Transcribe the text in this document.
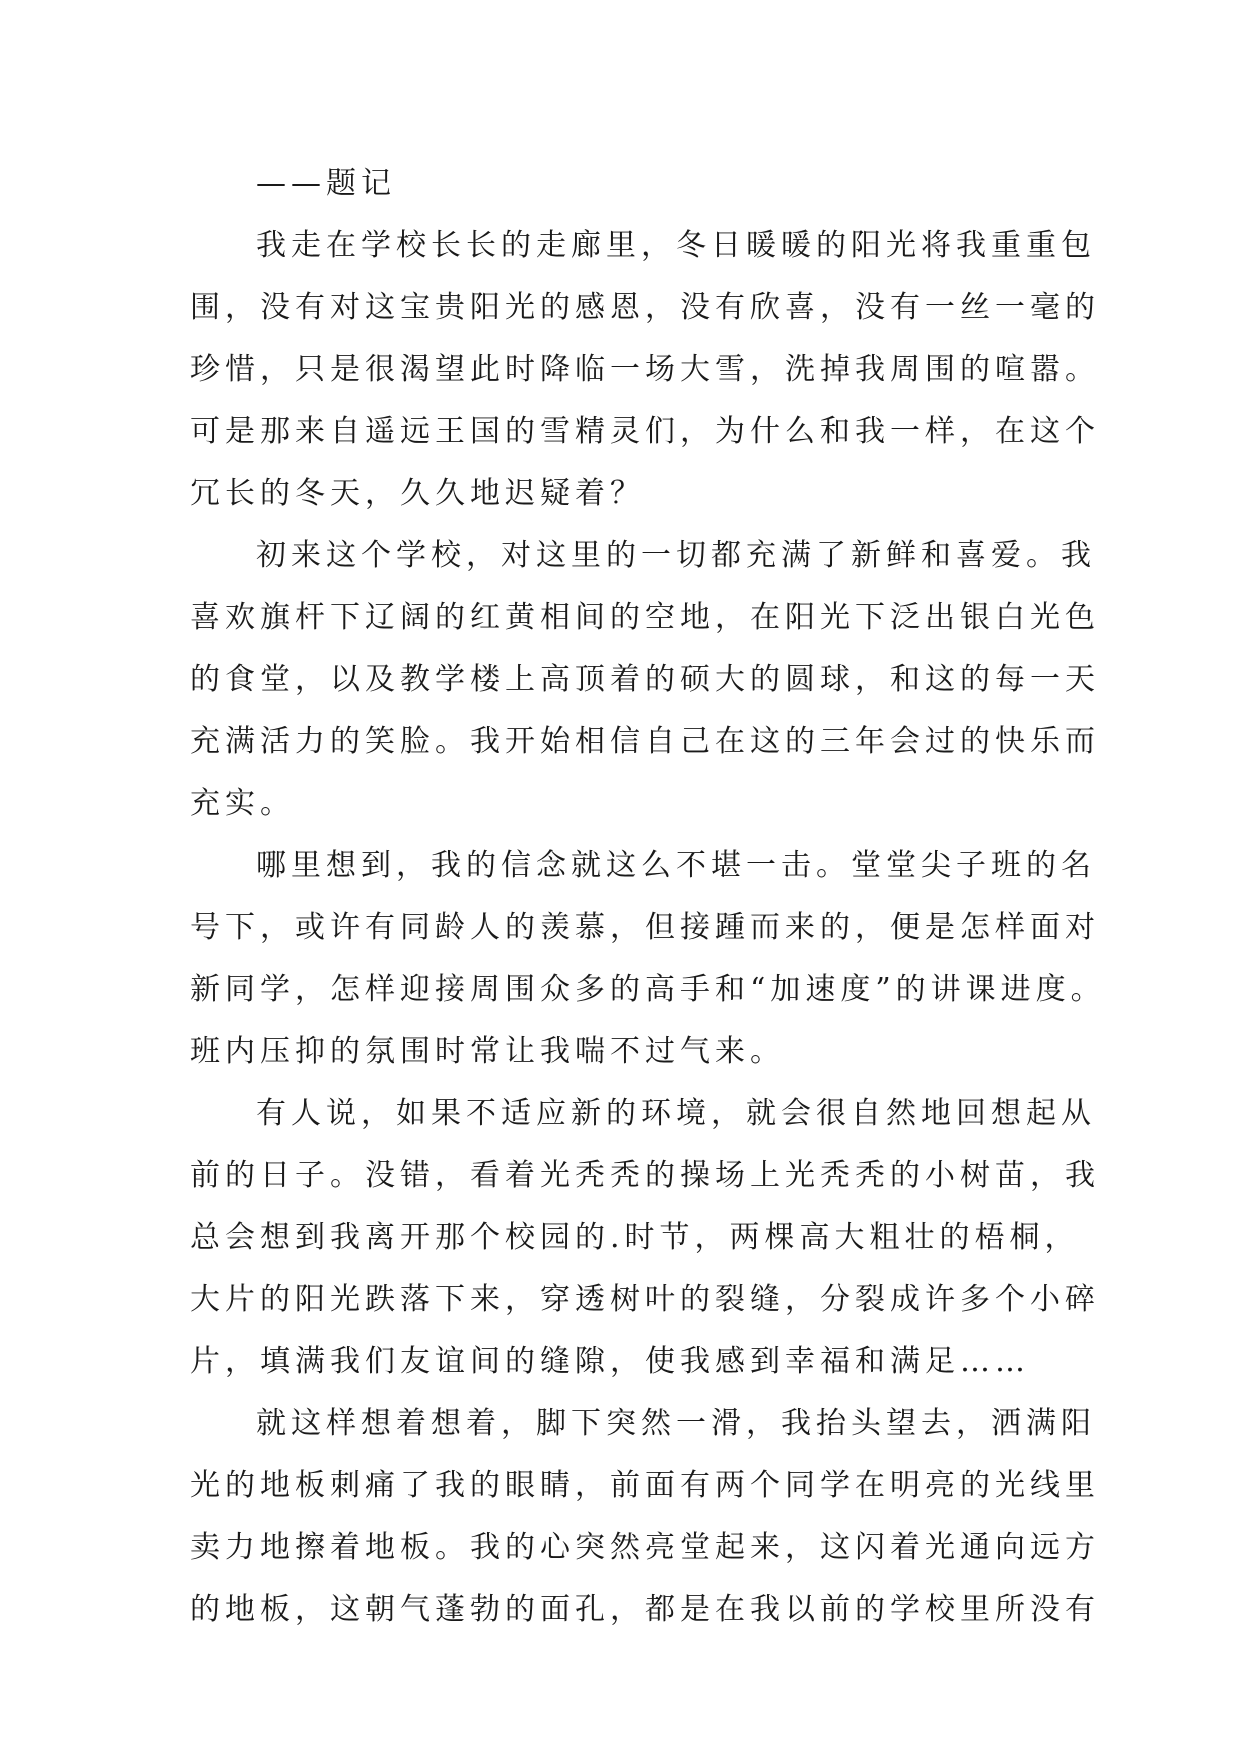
——题记
我走在学校长长的走廊里，冬日暖暖的阳光将我重重包
围，没有对这宝贵阳光的感恩，没有欣喜，没有一丝一毫的
珍惜，只是很渴望此时降临一场大雪，洗掉我周围的喧嚣。
可是那来自遥远王国的雪精灵们，为什么和我一样，在这个
冗长的冬天，久久地迟疑着？
初来这个学校，对这里的一切都充满了新鲜和喜爱。我
喜欢旗杆下辽阔的红黄相间的空地，在阳光下泛出银白光色
的食堂，以及教学楼上高顶着的硕大的圆球，和这的每一天
充满活力的笑脸。我开始相信自己在这的三年会过的快乐而
充实。
哪里想到，我的信念就这么不堪一击。堂堂尖子班的名
号下，或许有同龄人的羡慕，但接踵而来的，便是怎样面对
新同学，怎样迎接周围众多的高手和“加速度”的讲课进度。
班内压抑的氛围时常让我喘不过气来。
有人说，如果不适应新的环境，就会很自然地回想起从
前的日子。没错，看着光秃秃的操场上光秃秃的小树苗，我
总会想到我离开那个校园的.时节，两棵高大粗壮的梧桐，
大片的阳光跌落下来，穿透树叶的裂缝，分裂成许多个小碎
片，填满我们友谊间的缝隙，使我感到幸福和满足……
就这样想着想着，脚下突然一滑，我抬头望去，洒满阳
光的地板刺痛了我的眼睛，前面有两个同学在明亮的光线里
卖力地擦着地板。我的心突然亮堂起来，这闪着光通向远方
的地板，这朝气蓬勃的面孔，都是在我以前的学校里所没有
